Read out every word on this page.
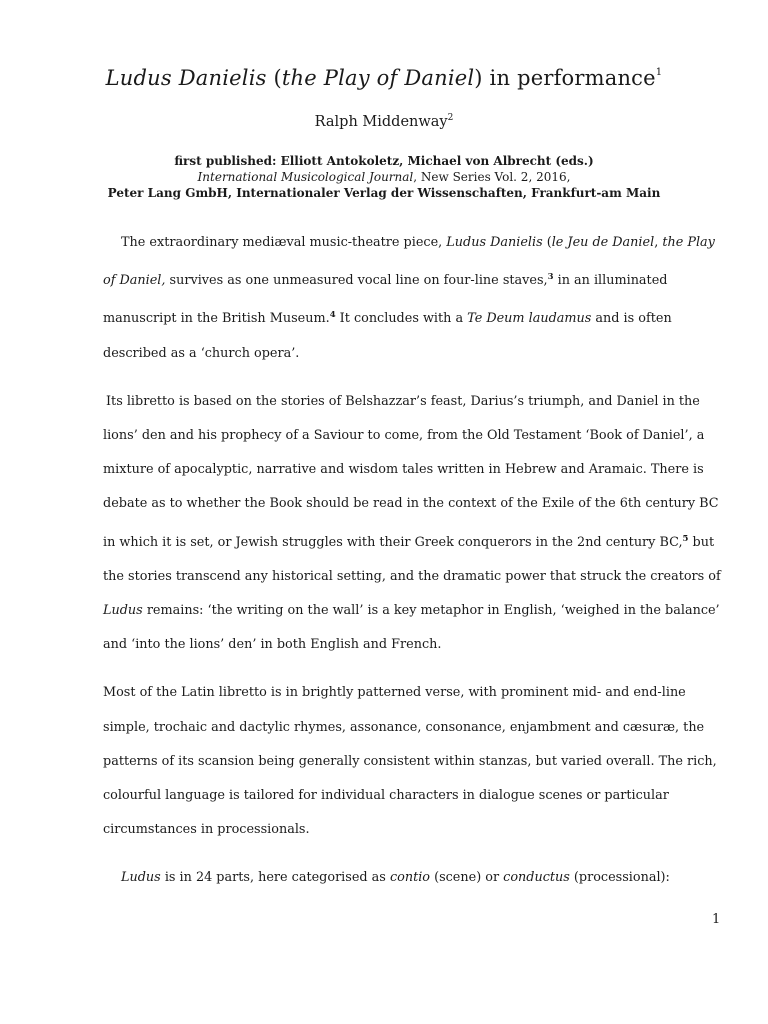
Ludus Danielis (the Play of Daniel) in performance$^1$
Ralph Middenway$^2$
first published: Elliott Antokoletz, Michael von Albrecht (eds.)
International Musicological Journal, New Series Vol. 2, 2016,
Peter Lang GmbH, Internationaler Verlag der Wissenschaften, Frankfurt-am Main

The extraordinary mediæval music-theatre piece, Ludus Danielis (le Jeu de Daniel, the Play of Daniel, survives as one unmeasured vocal line on four-line staves,$^3$ in an illuminated manuscript in the British Museum.$^4$ It concludes with a Te Deum laudamus and is often described as a ‘church opera’.

Its libretto is based on the stories of Belshazzar’s feast, Darius’s triumph, and Daniel in the lions’ den and his prophecy of a Saviour to come, from the Old Testament ‘Book of Daniel’, a mixture of apocalyptic, narrative and wisdom tales written in Hebrew and Aramaic. There is debate as to whether the Book should be read in the context of the Exile of the 6th century BC in which it is set, or Jewish struggles with their Greek conquerors in the 2nd century BC,$^5$ but the stories transcend any historical setting, and the dramatic power that struck the creators of Ludus remains: ‘the writing on the wall’ is a key metaphor in English, ‘weighed in the balance’ and ‘into the lions’ den’ in both English and French.

Most of the Latin libretto is in brightly patterned verse, with prominent mid- and end-line simple, trochaic and dactylic rhymes, assonance, consonance, enjambment and cæsuræ, the patterns of its scansion being generally consistent within stanzas, but varied overall. The rich, colourful language is tailored for individual characters in dialogue scenes or particular circumstances in processionals.

Ludus is in 24 parts, here categorised as contio (scene) or conductus (processional):

1
